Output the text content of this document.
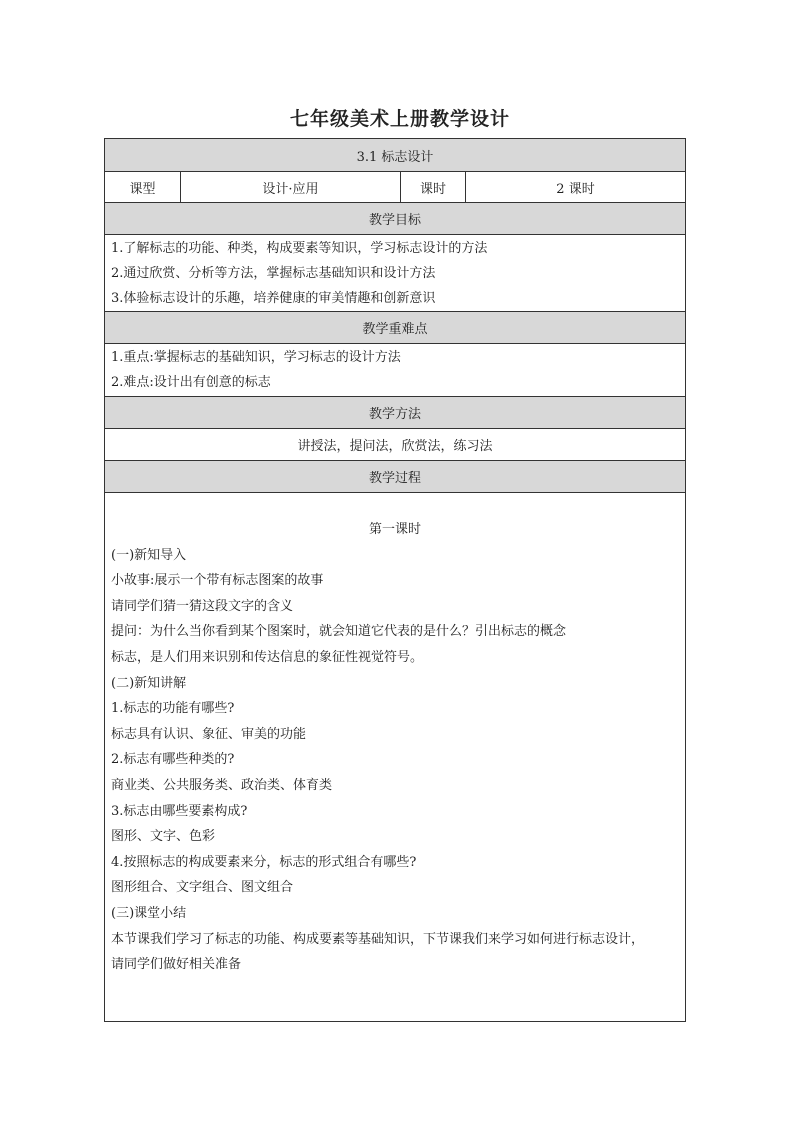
七年级美术上册教学设计
3.1 标志设计
课型	设计·应用	课时	2 课时
教学目标

1.了解标志的功能、种类，构成要素等知识，学习标志设计的方法
2.通过欣赏、分析等方法，掌握标志基础知识和设计方法
3.体验标志设计的乐趣，培养健康的审美情趣和创新意识

教学重难点

1.重点:掌握标志的基础知识，学习标志的设计方法
2.难点:设计出有创意的标志

教学方法
讲授法，提问法，欣赏法，练习法
教学过程

第一课时
(一)新知导入
小故事:展示一个带有标志图案的故事
请同学们猜一猜这段文字的含义
提问：为什么当你看到某个图案时，就会知道它代表的是什么？引出标志的概念
标志，是人们用来识别和传达信息的象征性视觉符号。
(二)新知讲解
1.标志的功能有哪些?
标志具有认识、象征、审美的功能
2.标志有哪些种类的?
商业类、公共服务类、政治类、体育类
3.标志由哪些要素构成?
图形、文字、色彩
4.按照标志的构成要素来分，标志的形式组合有哪些?
图形组合、文字组合、图文组合
(三)课堂小结
本节课我们学习了标志的功能、构成要素等基础知识，下节课我们来学习如何进行标志设计，
请同学们做好相关准备
